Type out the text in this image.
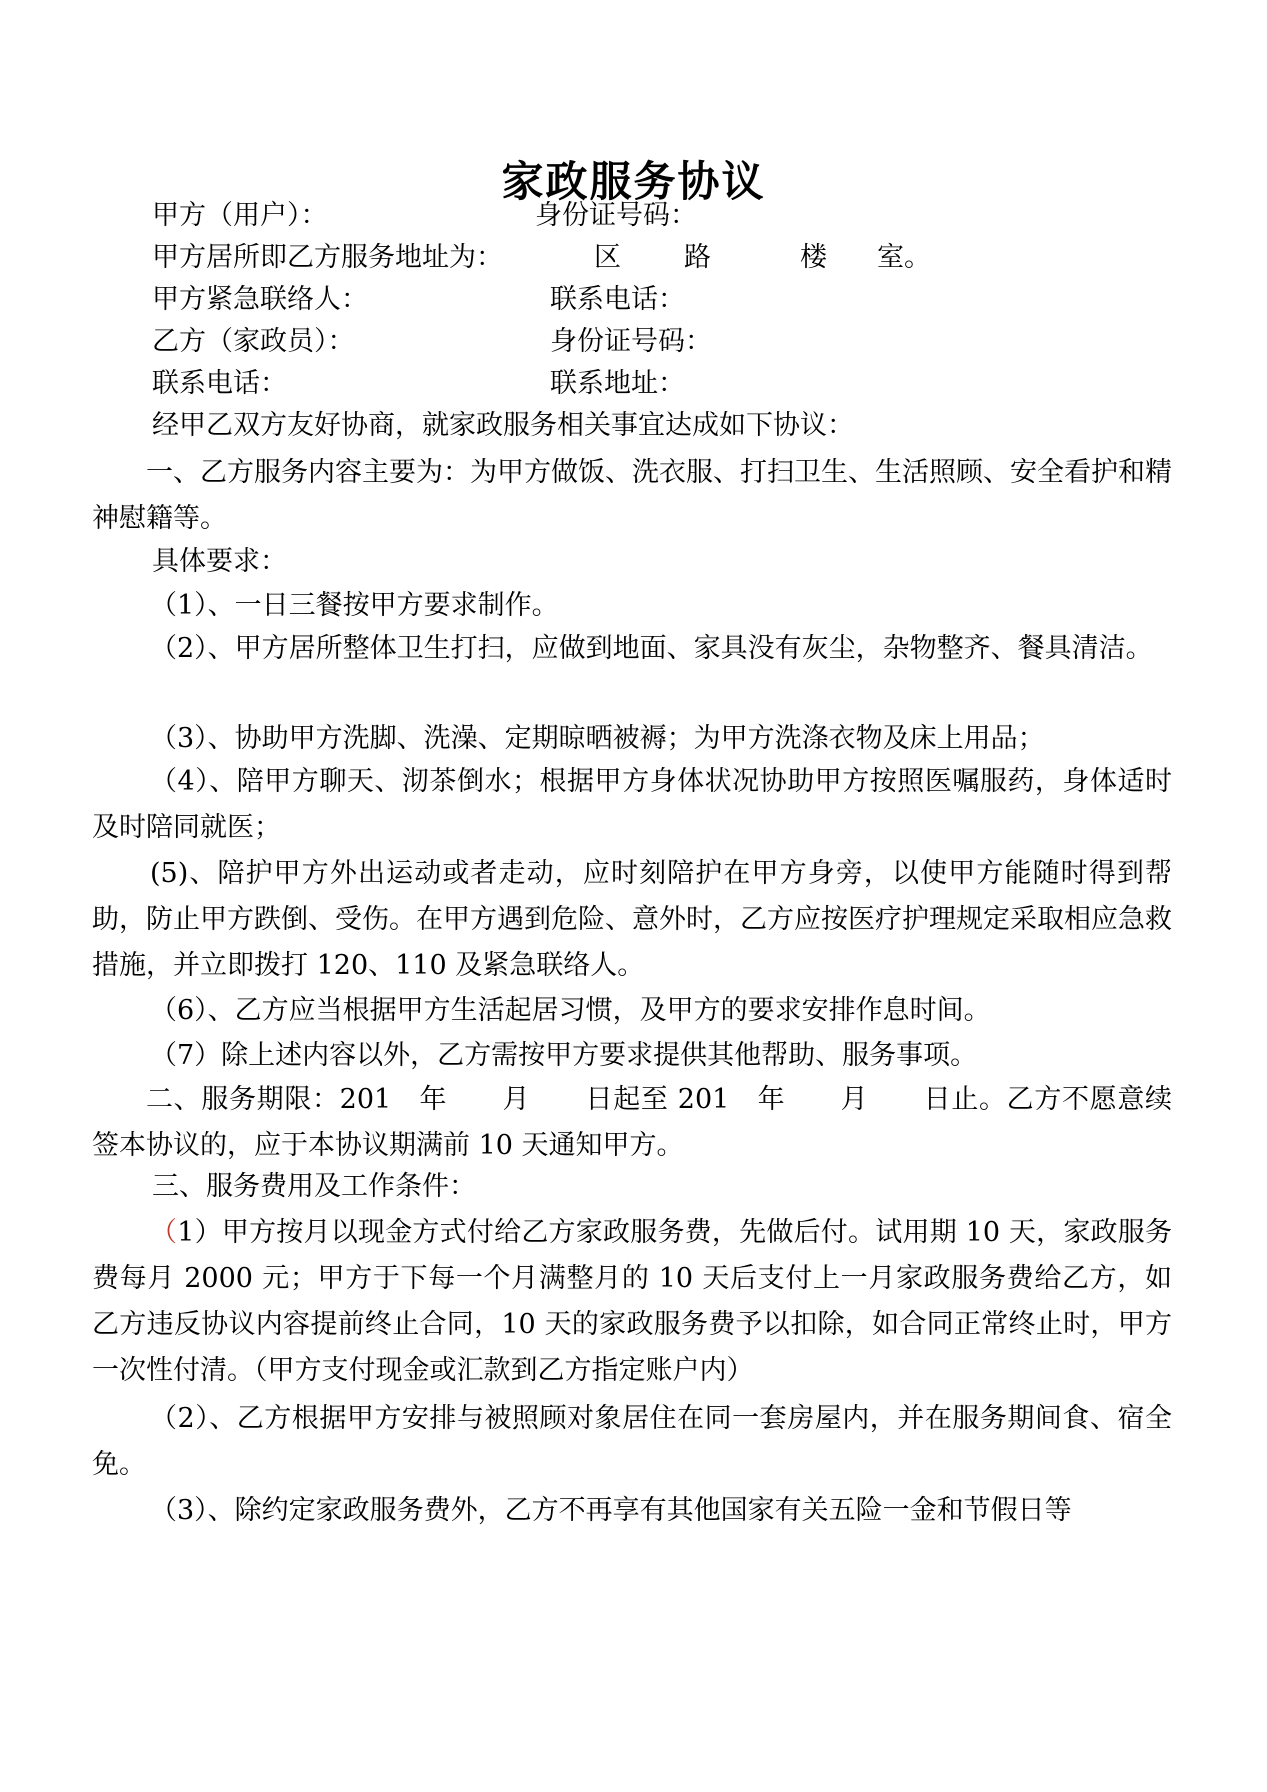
家政服务协议
甲方（用户）：	身份证号码：
甲方居所即乙方服务地址为：	区 路	楼 室。
甲方紧急联络人：	联系电话：
乙方（家政员）：	身份证号码：
联系电话：	联系地址：
经甲乙双方友好协商，就家政服务相关事宜达成如下协议：

一、乙方服务内容主要为：为甲方做饭、洗衣服、打扫卫生、生活照顾、安全看护和精神慰籍等。

具体要求：

（1）、一日三餐按甲方要求制作。

（2）、甲方居所整体卫生打扫，应做到地面、家具没有灰尘，杂物整齐、餐具清洁。

（3）、协助甲方洗脚、洗澡、定期晾晒被褥；为甲方洗涤衣物及床上用品；

（4）、陪甲方聊天、沏茶倒水；根据甲方身体状况协助甲方按照医嘱服药，身体适时及时陪同就医；

(5)、陪护甲方外出运动或者走动，应时刻陪护在甲方身旁，以使甲方能随时得到帮助，防止甲方跌倒、受伤。在甲方遇到危险、意外时，乙方应按医疗护理规定采取相应急救措施，并立即拨打 120、110 及紧急联络人。

（6）、乙方应当根据甲方生活起居习惯，及甲方的要求安排作息时间。

（7）除上述内容以外，乙方需按甲方要求提供其他帮助、服务事项。

二、服务期限：201　年　　月　　日起至 201　年　　月　　日止。乙方不愿意续签本协议的，应于本协议期满前 10 天通知甲方。

三、服务费用及工作条件：

（1）甲方按月以现金方式付给乙方家政服务费，先做后付。试用期 10 天，家政服务费每月 2000 元；甲方于下每一个月满整月的 10 天后支付上一月家政服务费给乙方，如乙方违反协议内容提前终止合同，10 天的家政服务费予以扣除，如合同正常终止时，甲方一次性付清。（甲方支付现金或汇款到乙方指定账户内）

（2）、乙方根据甲方安排与被照顾对象居住在同一套房屋内，并在服务期间食、宿全免。

（3）、除约定家政服务费外，乙方不再享有其他国家有关五险一金和节假日等
